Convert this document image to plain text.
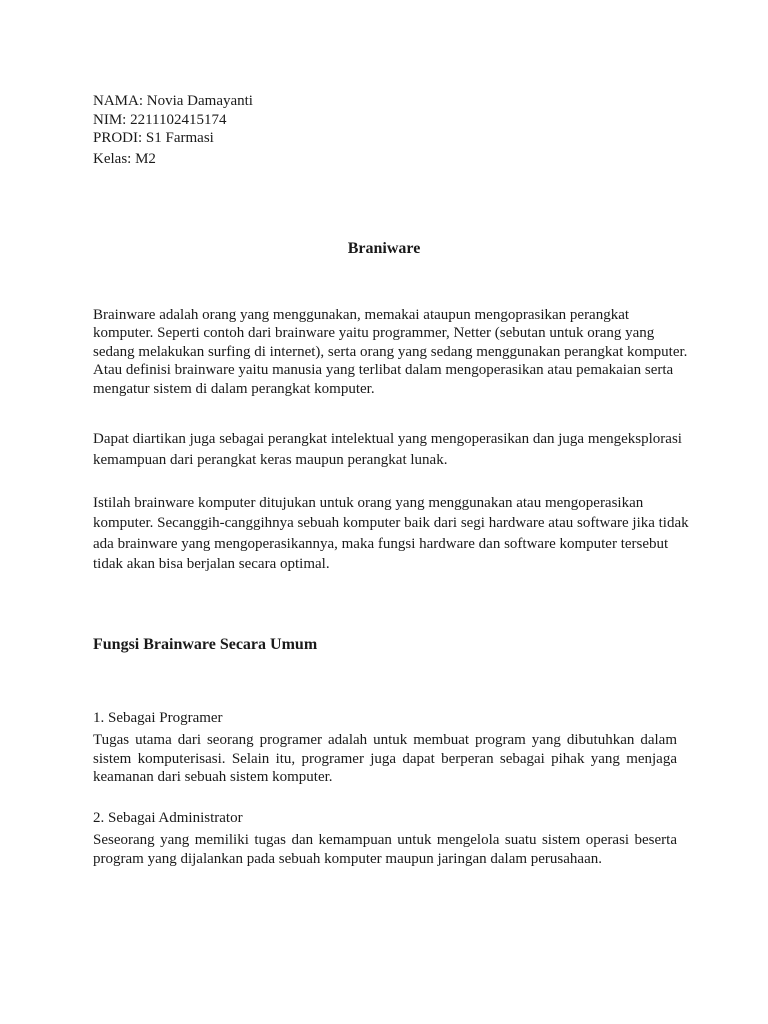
NAMA: Novia Damayanti
NIM: 2211102415174
PRODI: S1 Farmasi
Kelas: M2
Braniware

Brainware adalah orang yang menggunakan, memakai ataupun mengoprasikan perangkat komputer. Seperti contoh dari brainware yaitu programmer, Netter (sebutan untuk orang yang sedang melakukan surfing di internet), serta orang yang sedang menggunakan perangkat komputer. Atau definisi brainware yaitu manusia yang terlibat dalam mengoperasikan atau pemakaian serta mengatur sistem di dalam perangkat komputer.

Dapat diartikan juga sebagai perangkat intelektual yang mengoperasikan dan juga mengeksplorasi kemampuan dari perangkat keras maupun perangkat lunak.

Istilah brainware komputer ditujukan untuk orang yang menggunakan atau mengoperasikan komputer. Secanggih-canggihnya sebuah komputer baik dari segi hardware atau software jika tidak ada brainware yang mengoperasikannya, maka fungsi hardware dan software komputer tersebut tidak akan bisa berjalan secara optimal.

Fungsi Brainware Secara Umum
1. Sebagai Programer

Tugas utama dari seorang programer adalah untuk membuat program yang dibutuhkan dalam sistem komputerisasi. Selain itu, programer juga dapat berperan sebagai pihak yang menjaga keamanan dari sebuah sistem komputer.

2. Sebagai Administrator

Seseorang yang memiliki tugas dan kemampuan untuk mengelola suatu sistem operasi beserta program yang dijalankan pada sebuah komputer maupun jaringan dalam perusahaan.
